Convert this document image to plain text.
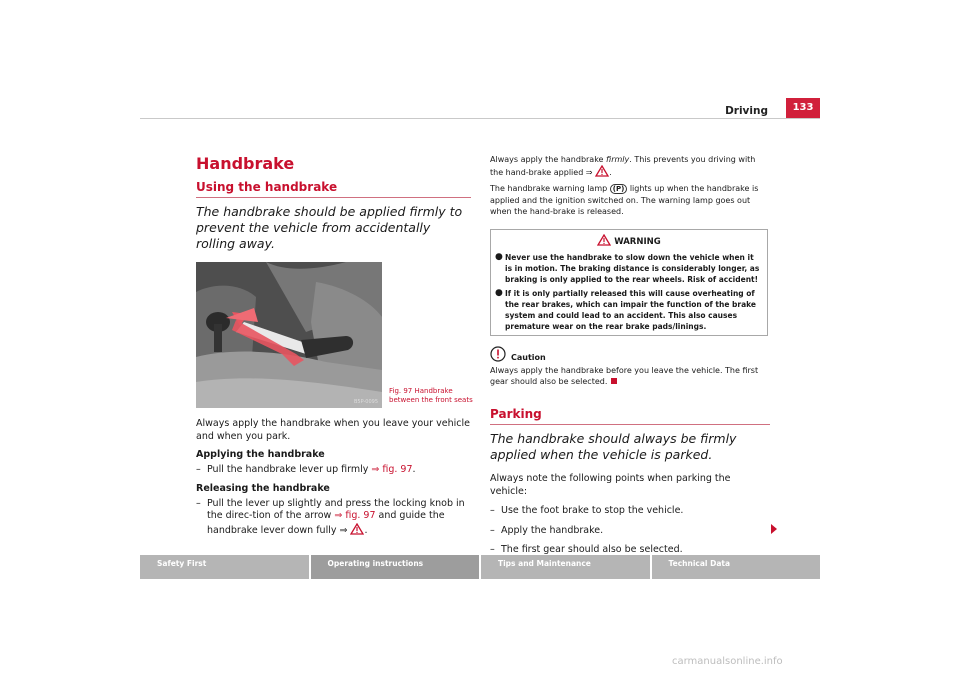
Driving	133
Handbrake
Using the handbrake
The handbrake should be applied firmly to prevent the vehicle from accidentally rolling away.
B5P-0095
Fig. 97 Handbrake between the front seats
Always apply the handbrake when you leave your vehicle and when you park.
Applying the handbrake
– Pull the handbrake lever up firmly ⇒ fig. 97.
Releasing the handbrake
– Pull the lever up slightly and press the locking knob in the direc-tion of the arrow ⇒ fig. 97 and guide the handbrake lever down fully ⇒ .
Always apply the handbrake firmly. This prevents you driving with the hand-brake applied ⇒ .
The handbrake warning lamp (P) lights up when the handbrake is applied and the ignition switched on. The warning lamp goes out when the hand-brake is released.
WARNING
● Never use the handbrake to slow down the vehicle when it is in motion. The braking distance is considerably longer, as braking is only applied to the rear wheels. Risk of accident!
● If it is only partially released this will cause overheating of the rear brakes, which can impair the function of the brake system and could lead to an accident. This also causes premature wear on the rear brake pads/linings.
Caution
Always apply the handbrake before you leave the vehicle. The first gear should also be selected.
Parking
The handbrake should always be firmly applied when the vehicle is parked.
Always note the following points when parking the vehicle:
– Use the foot brake to stop the vehicle.
– Apply the handbrake.
– The first gear should also be selected.
Safety First	Operating instructions	Tips and Maintenance	Technical Data
carmanualsonline.info
